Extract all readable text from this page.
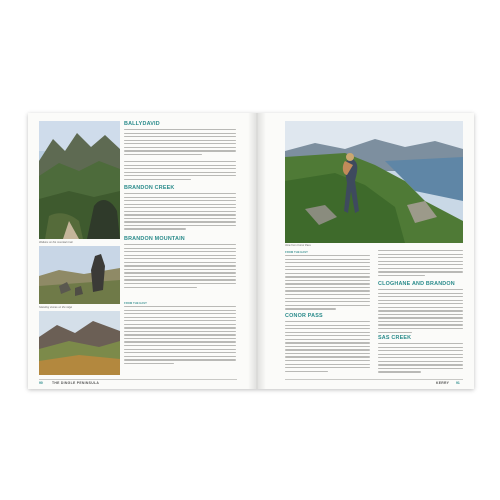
Walkers on the mountain trail
Standing stones on the ridge
BALLYDAVID
BRANDON CREEK
BRANDON MOUNTAIN
FROM THE EAST
90	THE DINGLE PENINSULA
View from Conor Pass
FROM THE EAST
CONOR PASS
CLOGHANE AND BRANDON
SAS CREEK
KERRY 91
